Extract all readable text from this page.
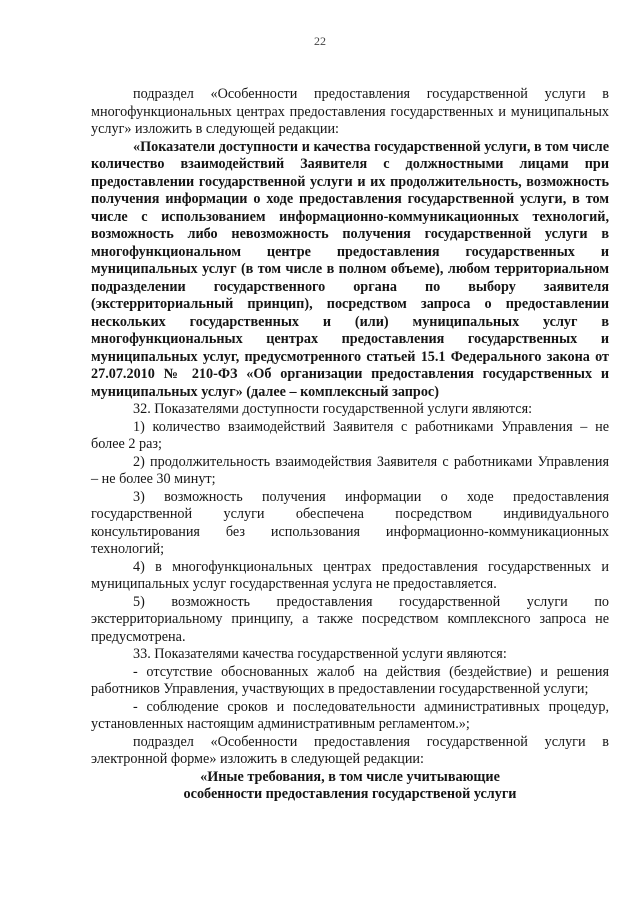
22

подраздел «Особенности предоставления государственной услуги в многофункциональных центрах предоставления государственных и муниципальных услуг» изложить в следующей редакции:

«Показатели доступности и качества государственной услуги, в том числе количество взаимодействий Заявителя с должностными лицами при предоставлении государственной услуги и их продолжительность, возможность получения информации о ходе предоставления государственной услуги, в том числе с использованием информационно-коммуникационных технологий, возможность либо невозможность получения государственной услуги в многофункциональном центре предоставления государственных и муниципальных услуг (в том числе в полном объеме), любом территориальном подразделении государственного органа по выбору заявителя (экстерриториальный принцип), посредством запроса о предоставлении нескольких государственных и (или) муниципальных услуг в многофункциональных центрах предоставления государственных и муниципальных услуг, предусмотренного статьей 15.1 Федерального закона от 27.07.2010 № 210-ФЗ «Об организации предоставления государственных и муниципальных услуг» (далее – комплексный запрос)

32. Показателями доступности государственной услуги являются:

1) количество взаимодействий Заявителя с работниками Управления – не более 2 раз;

2) продолжительность взаимодействия Заявителя с работниками Управления – не более 30 минут;

3) возможность получения информации о ходе предоставления государственной услуги обеспечена посредством индивидуального консультирования без использования информационно-коммуникационных технологий;

4) в многофункциональных центрах предоставления государственных и муниципальных услуг государственная услуга не предоставляется.

5) возможность предоставления государственной услуги по экстерриториальному принципу, а также посредством комплексного запроса не предусмотрена.

33. Показателями качества государственной услуги являются:

- отсутствие обоснованных жалоб на действия (бездействие) и решения работников Управления, участвующих в предоставлении государственной услуги;

- соблюдение сроков и последовательности административных процедур, установленных настоящим административным регламентом.»;

подраздел «Особенности предоставления государственной услуги в электронной форме» изложить в следующей редакции:

«Иные требования, в том числе учитывающие

особенности предоставления государственой услуги
